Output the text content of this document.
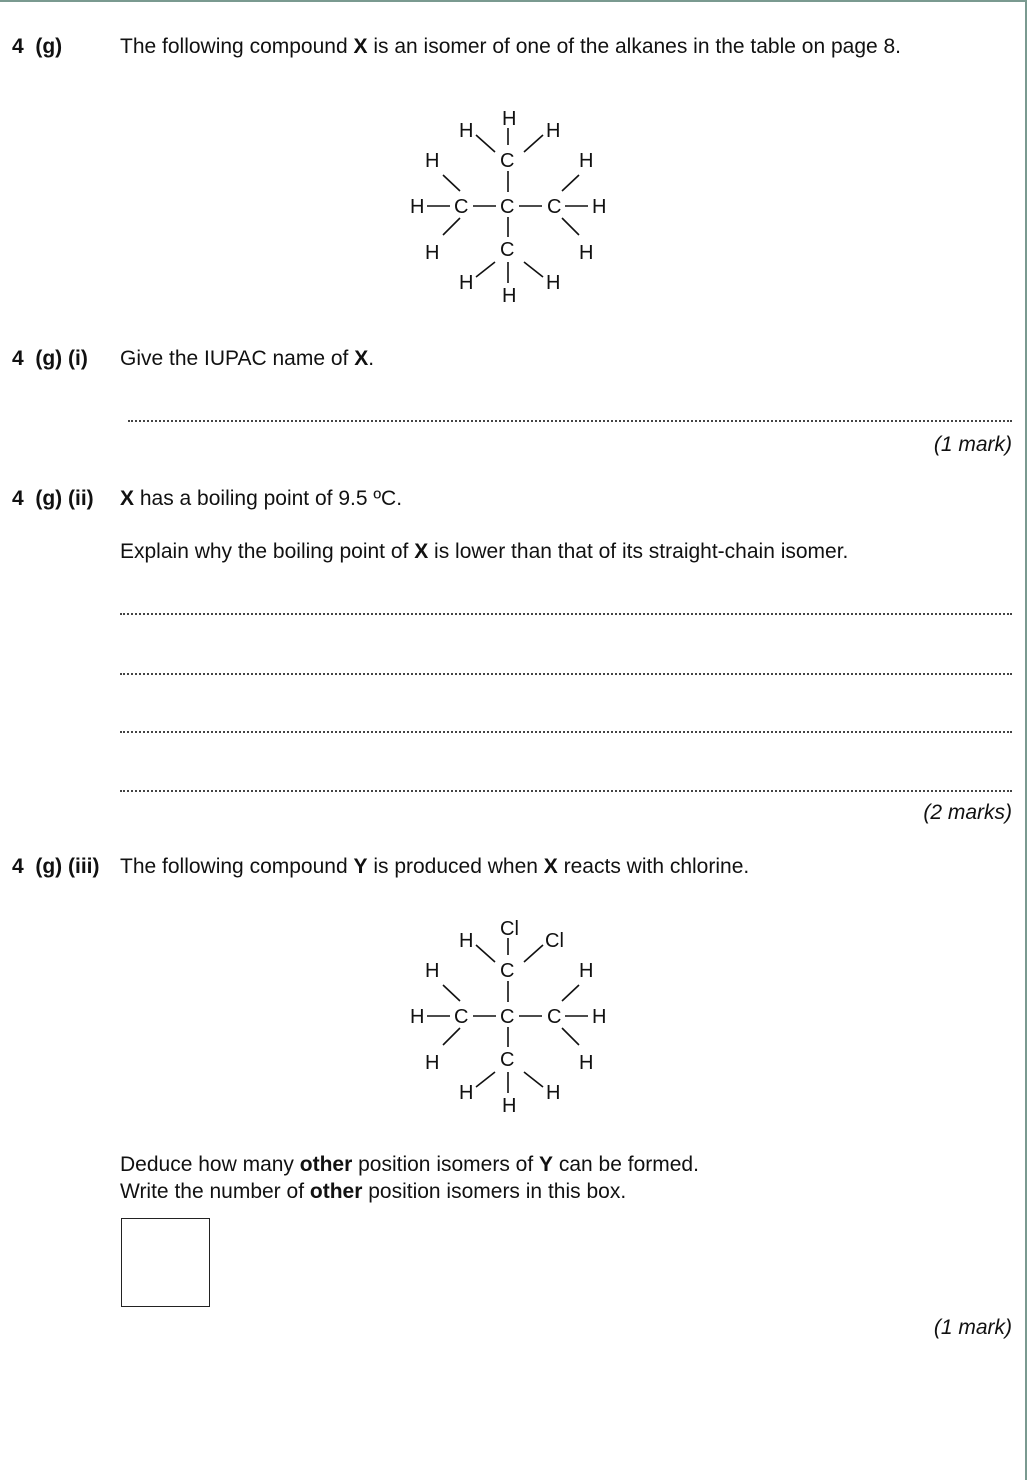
4  (g)	The following compound X is an isomer of one of the alkanes in the table on page 8.
H
H	H
C
H	H
H C C C H
H	C	H
H	H
H
4  (g) (i) Give the IUPAC name of X.
(1 mark)
4  (g) (ii) X has a boiling point of 9.5 ºC.
Explain why the boiling point of X is lower than that of its straight-chain isomer.
(2 marks)
4  (g) (iii) The following compound Y is produced when X reacts with chlorine.
Cl
H	Cl
C
H	H
H C C C H
H	C	H
H	H
H
Deduce how many other position isomers of Y can be formed.
Write the number of other position isomers in this box.
(1 mark)
